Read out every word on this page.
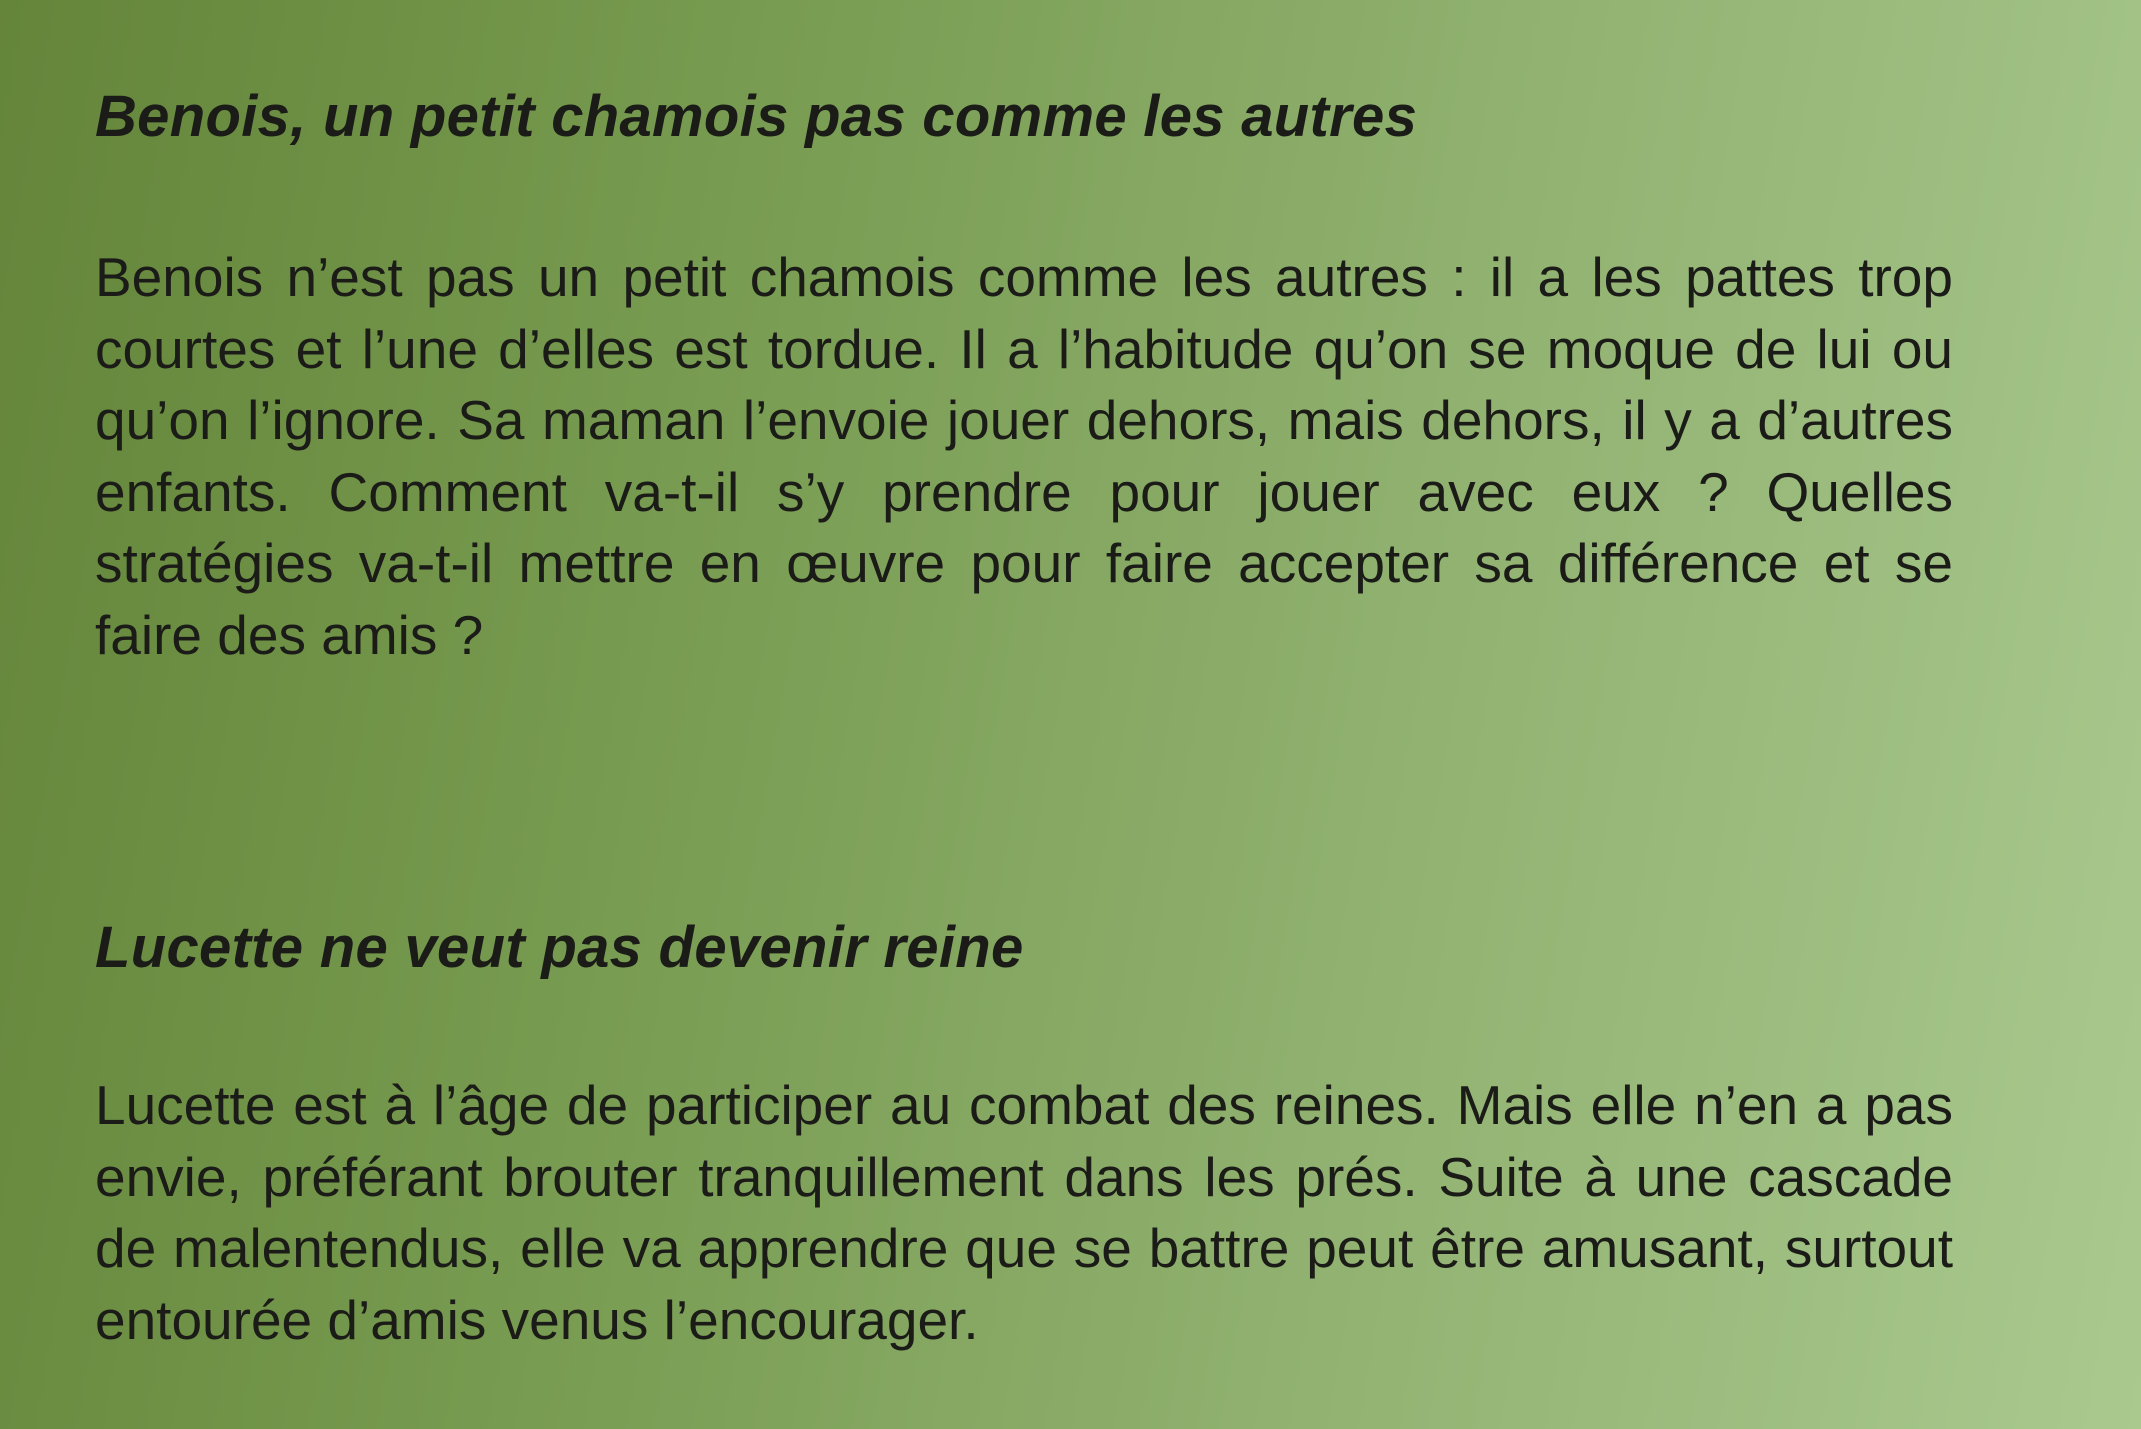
Benois, un petit chamois pas comme les autres

Benois n’est pas un petit chamois comme les autres : il a les pattes trop courtes et l’une d’elles est tordue. Il a l’habitude qu’on se moque de lui ou qu’on l’ignore. Sa maman l’envoie jouer dehors, mais dehors, il y a d’autres enfants. Comment va-t-il s’y prendre pour jouer avec eux ? Quelles stratégies va-t-il mettre en œuvre pour faire accepter sa différence et se faire des amis ?

Lucette ne veut pas devenir reine

Lucette est à l’âge de participer au combat des reines. Mais elle n’en a pas envie, préférant brouter tranquillement dans les prés. Suite à une cascade de malentendus, elle va apprendre que se battre peut être amusant, surtout entourée d’amis venus l’encourager.
